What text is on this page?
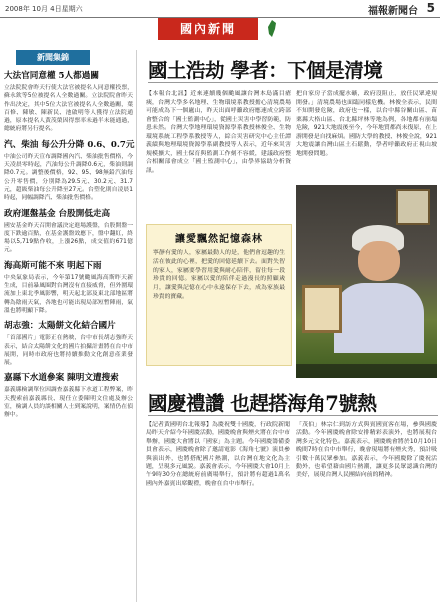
2008年 10月 4日星期六	福報新聞台 5
國內新聞
新聞集錦
大法官同意權 5人都過關

立法院院會昨天行使大法官被提名人同意權投票，蘇永欽等5位被提名人全數過關。立法院院會昨天作出決定，其中5位大法官被提名人全數過關，葉百修、陳敏、陳新民、池啟明等人獲得立法院通過，原本提名人黃茂榮因得票率未過半未能通過，總統府將另行提名。

汽、柴油 每公升分降 0.6、0.7元

中油公司昨天宣布調降國內汽、柴油批售價格，今天凌晨零時起，汽油每公升調降0.6元，柴油則調降0.7元。調整後價格，92、95、98無鉛汽油每公升零售價，分別降為29.5元、30.2元、31.7元，超級柴油每公升降至27元。台塑化則自凌晨1時起，同幅調降汽、柴油批售價格。

政府運盤基金 台股開低走高

國安基金昨天召開會議決定進場護盤，台股開盤一度下跌逾百點，在基金護盤效應下，盤中翻紅，終場以5,719點作收，上漲26點，成交值約671億元。

海高斯可能不來 明起下雨

中央氣象局表示，今年第17號颱風海高斯昨天新生成，目前暴風圈對台灣沒有直接威脅，但外圍環流加上東北季風影響，明天起北部及東北部地區將轉為陰雨天氣，各地也可能出現局部短暫陣雨，氣溫也將明顯下降。

胡志強：太陽餅文化結合國片

「首部國片」電影正在熱映，台中市長胡志強昨天表示，結合太陽餅文化的國片拍攝計畫將在台中市展開，同時市政府也將持續推動文化創意產業發展。

嘉縣下水道參案 陳明文遭搜索

嘉義縣檢調單位因調查嘉義縣下水道工程弊案，昨天搜索前嘉義縣長、現任立委陳明文住處及辦公室，檢調人員約談相關人士到案說明，案情仍在偵辦中。

國土浩劫 學者：下個是清境

【本報台北訊】近來連續幾個颱風讓台灣本島滿目瘡痍，台灣大學多名地理、生物環境系教授擔心清境農場可能成為下一個廬山，昨天出面呼籲政府應速成立跨部會整合的「國土監測中心」，從國土災害中學習防範，防患未然。台灣大學地理環境資源學系教授林俊全、生物環境系統工程學系教授等人，綜合災害研究中心主任譚義績與地理環境資源學系副教授等人表示，近年來災害規模擴大，國土保育與監測工作刻不容緩，建議政府整合相關部會成立「國土監測中心」，由學界協助分析資訊。

把自家房子當成擺水礦，政府沒阻止，放任民眾違規開發。」清境農場也面臨同樣危機。林俊全表示，民間不知開發危險，政府也一樣，以台中縣谷關山區、苗栗縣大格山區、台北縣坪林等地為例，各地都有崩塌危險，921大地震後至今，今年地質都尚未復原，在上游開發是自找麻煩。國防大學的教授、林俊全說，921大地震讓台灣山區土石鬆動，學者呼籲政府正視山坡地開發問題。

讓愛飄然記憶森林

寧靜有愛的人，家屬最動人的是，他們會逗趣的生活在彼此的心裡，把愛的回憶延續下去。面對失智的家人，家屬要學習用愛與耐心陪伴，留住每一段珍貴的回憶。家屬以愛的陪伴走過漫長的照顧歲月，讓愛與記憶在心中永遠保存下去，成為家族最珍貴的寶藏。

國慶禮讚 也趕搭海角7號熱

【記者黃國明台北報導】為慶祝雙十國慶，行政院新聞局昨天介紹今年國慶活動，國慶晚會與煙火將在台中市舉辦，國慶大會將以「國家」為主題。今年國慶籌備委員會表示，國慶晚會除了邀請電影《海角七號》演員參與演出外，也將搭配國片熱潮，以台灣在地文化為主題，呈現多元風貌。嘉義會表示，今年國慶大會10月上午9時30分在總統府前廣場舉行，預計將有超過1萬名國內外嘉賓出席觀禮，晚會在台中市舉行。

「茂伯」林宗仁到訪方式與賓國賓客在場，參與國慶活動。今年國慶晚會除安排精彩表演外，也將展現台灣多元文化特色。嘉義表示，國慶晚會將於10月10日晚間7時在台中市舉行，晚會現場將有煙火秀，預計吸引數十萬民眾參加。嘉義表示，今年國慶除了慶祝活動外，也希望藉由國片熱潮，讓更多民眾認識台灣的美好，展現台灣人民團結向前的精神。
